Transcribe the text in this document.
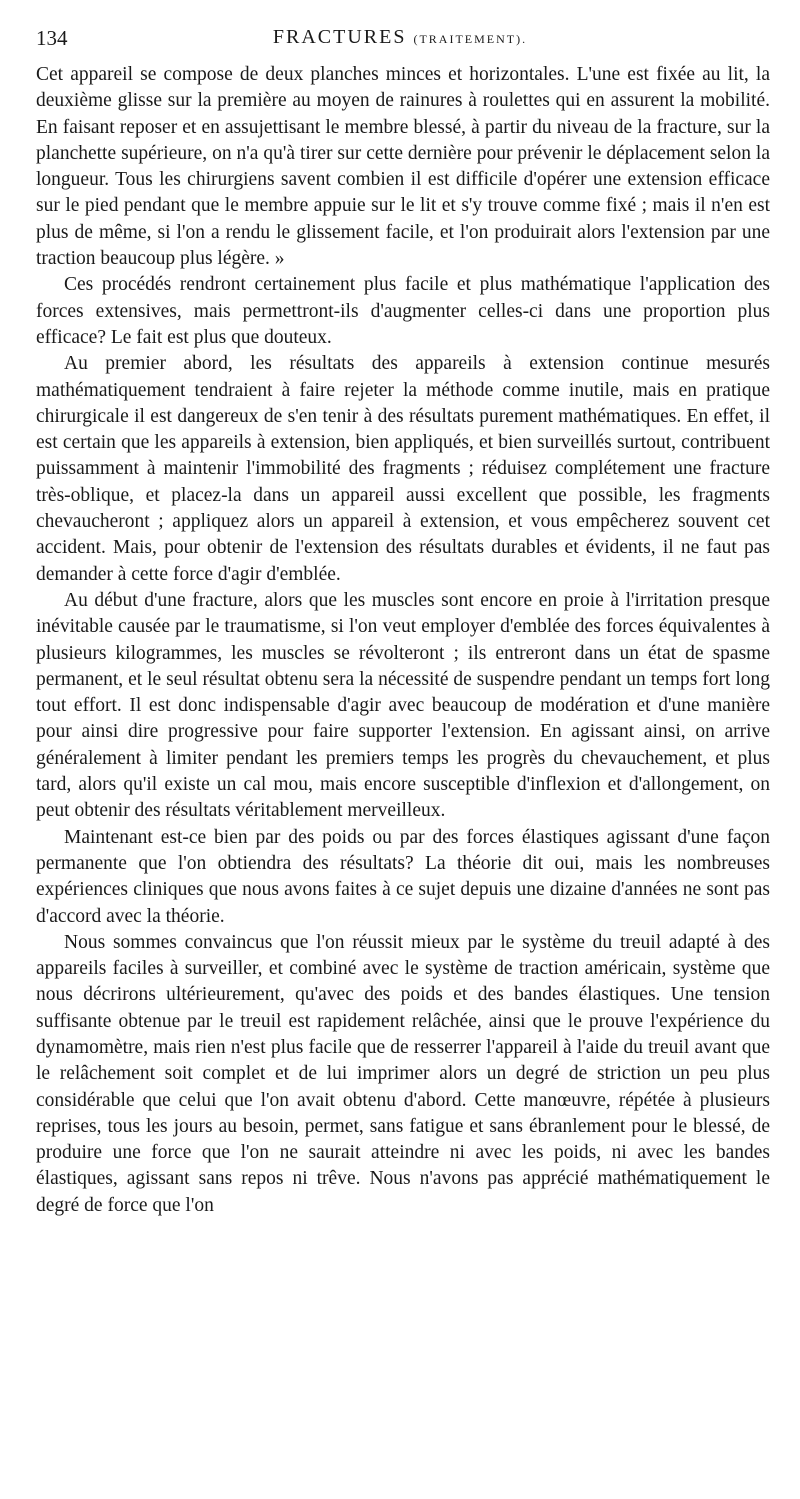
134	FRACTURES (TRAITEMENT).

Cet appareil se compose de deux planches minces et horizontales. L'une est fixée au lit, la deuxième glisse sur la première au moyen de rainures à roulettes qui en assurent la mobilité. En faisant reposer et en assujettisant le membre blessé, à partir du niveau de la fracture, sur la planchette supérieure, on n'a qu'à tirer sur cette dernière pour prévenir le déplacement selon la longueur. Tous les chirurgiens savent combien il est difficile d'opérer une extension efficace sur le pied pendant que le membre appuie sur le lit et s'y trouve comme fixé ; mais il n'en est plus de même, si l'on a rendu le glissement facile, et l'on produirait alors l'extension par une traction beaucoup plus légère. »

Ces procédés rendront certainement plus facile et plus mathématique l'application des forces extensives, mais permettront-ils d'augmenter celles-ci dans une proportion plus efficace? Le fait est plus que douteux.

Au premier abord, les résultats des appareils à extension continue mesurés mathématiquement tendraient à faire rejeter la méthode comme inutile, mais en pratique chirurgicale il est dangereux de s'en tenir à des résultats purement mathématiques. En effet, il est certain que les appareils à extension, bien appliqués, et bien surveillés surtout, contribuent puissamment à maintenir l'immobilité des fragments ; réduisez complétement une fracture très-oblique, et placez-la dans un appareil aussi excellent que possible, les fragments chevaucheront ; appliquez alors un appareil à extension, et vous empêcherez souvent cet accident. Mais, pour obtenir de l'extension des résultats durables et évidents, il ne faut pas demander à cette force d'agir d'emblée.

Au début d'une fracture, alors que les muscles sont encore en proie à l'irritation presque inévitable causée par le traumatisme, si l'on veut employer d'emblée des forces équivalentes à plusieurs kilogrammes, les muscles se révolteront ; ils entreront dans un état de spasme permanent, et le seul résultat obtenu sera la nécessité de suspendre pendant un temps fort long tout effort. Il est donc indispensable d'agir avec beaucoup de modération et d'une manière pour ainsi dire progressive pour faire supporter l'extension. En agissant ainsi, on arrive généralement à limiter pendant les premiers temps les progrès du chevauchement, et plus tard, alors qu'il existe un cal mou, mais encore susceptible d'inflexion et d'allongement, on peut obtenir des résultats véritablement merveilleux.

Maintenant est-ce bien par des poids ou par des forces élastiques agissant d'une façon permanente que l'on obtiendra des résultats? La théorie dit oui, mais les nombreuses expériences cliniques que nous avons faites à ce sujet depuis une dizaine d'années ne sont pas d'accord avec la théorie.

Nous sommes convaincus que l'on réussit mieux par le système du treuil adapté à des appareils faciles à surveiller, et combiné avec le système de traction américain, système que nous décrirons ultérieurement, qu'avec des poids et des bandes élastiques. Une tension suffisante obtenue par le treuil est rapidement relâchée, ainsi que le prouve l'expérience du dynamomètre, mais rien n'est plus facile que de resserrer l'appareil à l'aide du treuil avant que le relâchement soit complet et de lui imprimer alors un degré de striction un peu plus considérable que celui que l'on avait obtenu d'abord. Cette manœuvre, répétée à plusieurs reprises, tous les jours au besoin, permet, sans fatigue et sans ébranlement pour le blessé, de produire une force que l'on ne saurait atteindre ni avec les poids, ni avec les bandes élastiques, agissant sans repos ni trêve. Nous n'avons pas apprécié mathématiquement le degré de force que l'on
